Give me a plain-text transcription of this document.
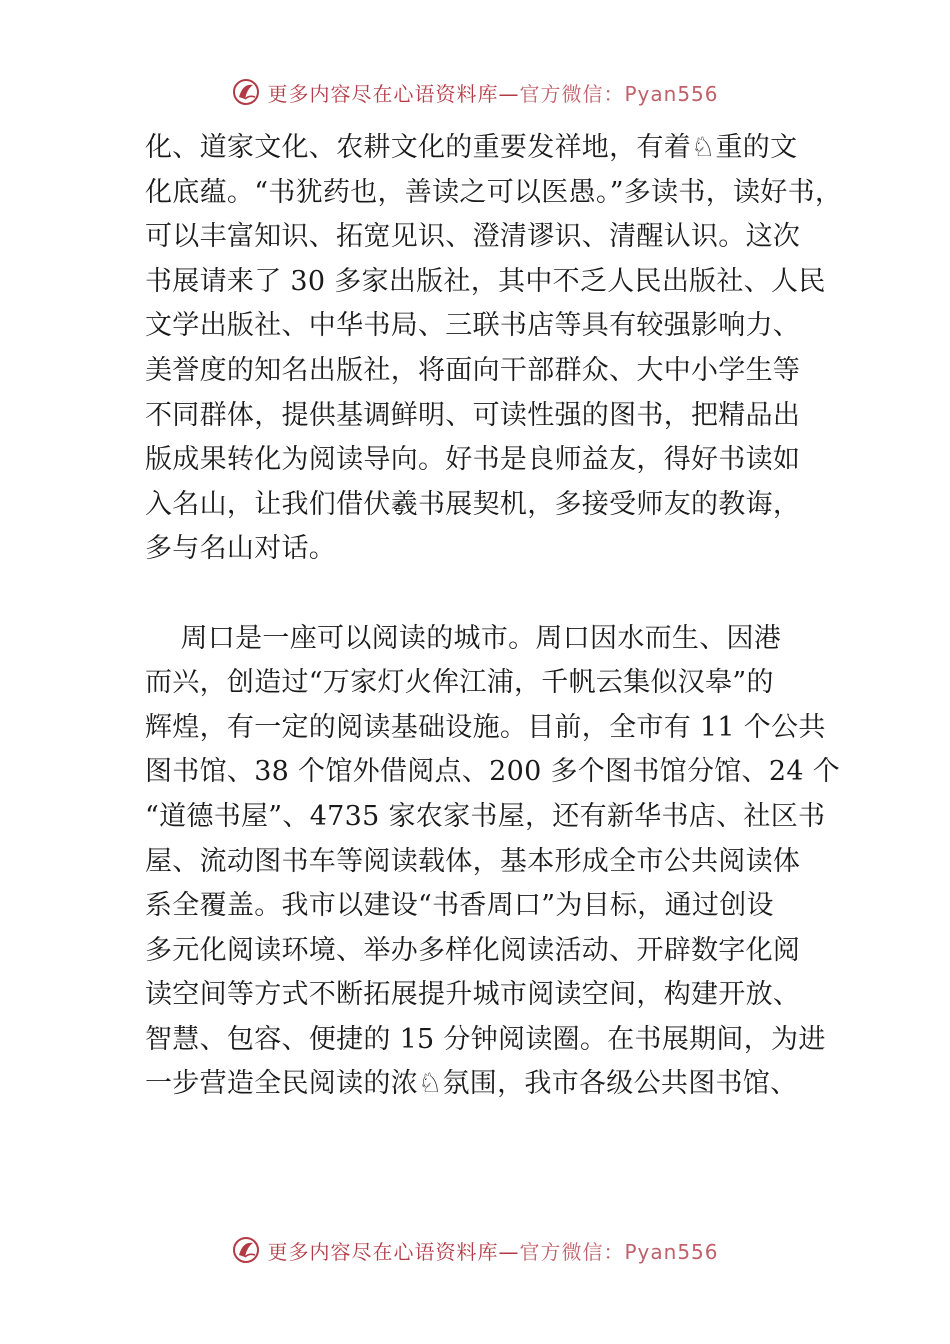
更多内容尽在心语资料库—官方微信：Pyan556
化、道家文化、农耕文化的重要发祥地，有着♘重的文
化底蕴。“书犹药也，善读之可以医愚。”多读书，读好书，
可以丰富知识、拓宽见识、澄清谬识、清醒认识。这次
书展请来了 30 多家出版社，其中不乏人民出版社、人民
文学出版社、中华书局、三联书店等具有较强影响力、
美誉度的知名出版社，将面向干部群众、大中小学生等
不同群体，提供基调鲜明、可读性强的图书，把精品出
版成果转化为阅读导向。好书是良师益友，得好书读如
入名山，让我们借伏羲书展契机，多接受师友的教诲，
多与名山对话。
周口是一座可以阅读的城市。周口因水而生、因港
而兴，创造过“万家灯火侔江浦，千帆云集似汉皋”的
辉煌，有一定的阅读基础设施。目前，全市有 11 个公共
图书馆、38 个馆外借阅点、200 多个图书馆分馆、24 个
“道德书屋”、4735 家农家书屋，还有新华书店、社区书
屋、流动图书车等阅读载体，基本形成全市公共阅读体
系全覆盖。我市以建设“书香周口”为目标，通过创设
多元化阅读环境、举办多样化阅读活动、开辟数字化阅
读空间等方式不断拓展提升城市阅读空间，构建开放、
智慧、包容、便捷的 15 分钟阅读圈。在书展期间，为进
一步营造全民阅读的浓♘氛围，我市各级公共图书馆、
更多内容尽在心语资料库—官方微信：Pyan556
